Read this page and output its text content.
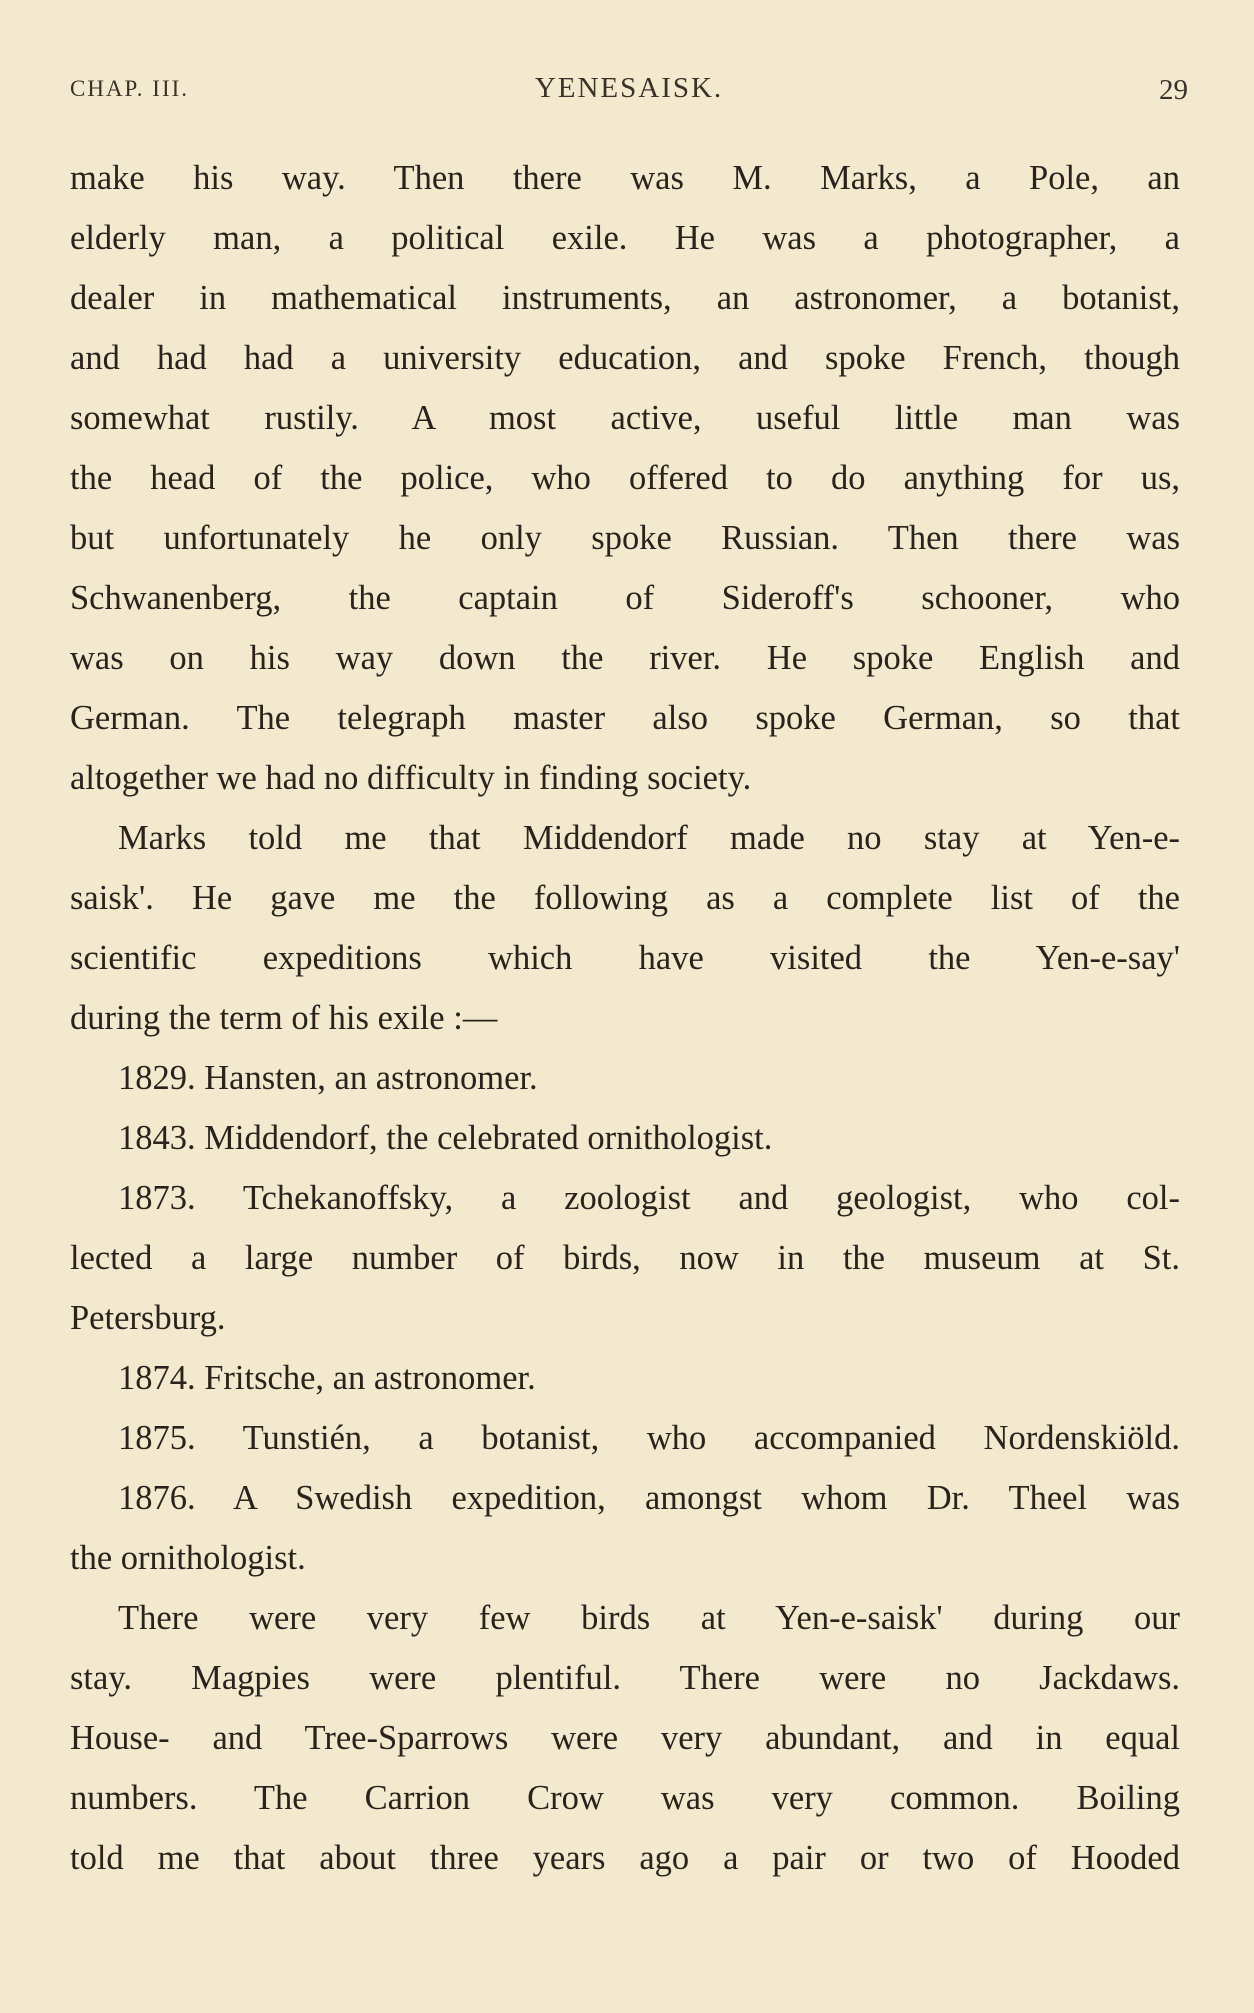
CHAP. III.	YENESAISK.	29
make his way. Then there was M. Marks, a Pole, an
elderly man, a political exile. He was a photographer, a
dealer in mathematical instruments, an astronomer, a botanist,
and had had a university education, and spoke French, though
somewhat rustily. A most active, useful little man was
the head of the police, who offered to do anything for us,
but unfortunately he only spoke Russian. Then there was
Schwanenberg, the captain of Sideroff's schooner, who
was on his way down the river. He spoke English and
German. The telegraph master also spoke German, so that
altogether we had no difficulty in finding society.
Marks told me that Middendorf made no stay at Yen-e-
saisk'. He gave me the following as a complete list of the
scientific expeditions which have visited the Yen-e-say'
during the term of his exile :—
1829. Hansten, an astronomer.
1843. Middendorf, the celebrated ornithologist.
1873. Tchekanoffsky, a zoologist and geologist, who col-
lected a large number of birds, now in the museum at St.
Petersburg.
1874. Fritsche, an astronomer.
1875. Tunstién, a botanist, who accompanied Nordenskiöld.
1876. A Swedish expedition, amongst whom Dr. Theel was
the ornithologist.
There were very few birds at Yen-e-saisk' during our
stay. Magpies were plentiful. There were no Jackdaws.
House- and Tree-Sparrows were very abundant, and in equal
numbers. The Carrion Crow was very common. Boiling
told me that about three years ago a pair or two of Hooded
